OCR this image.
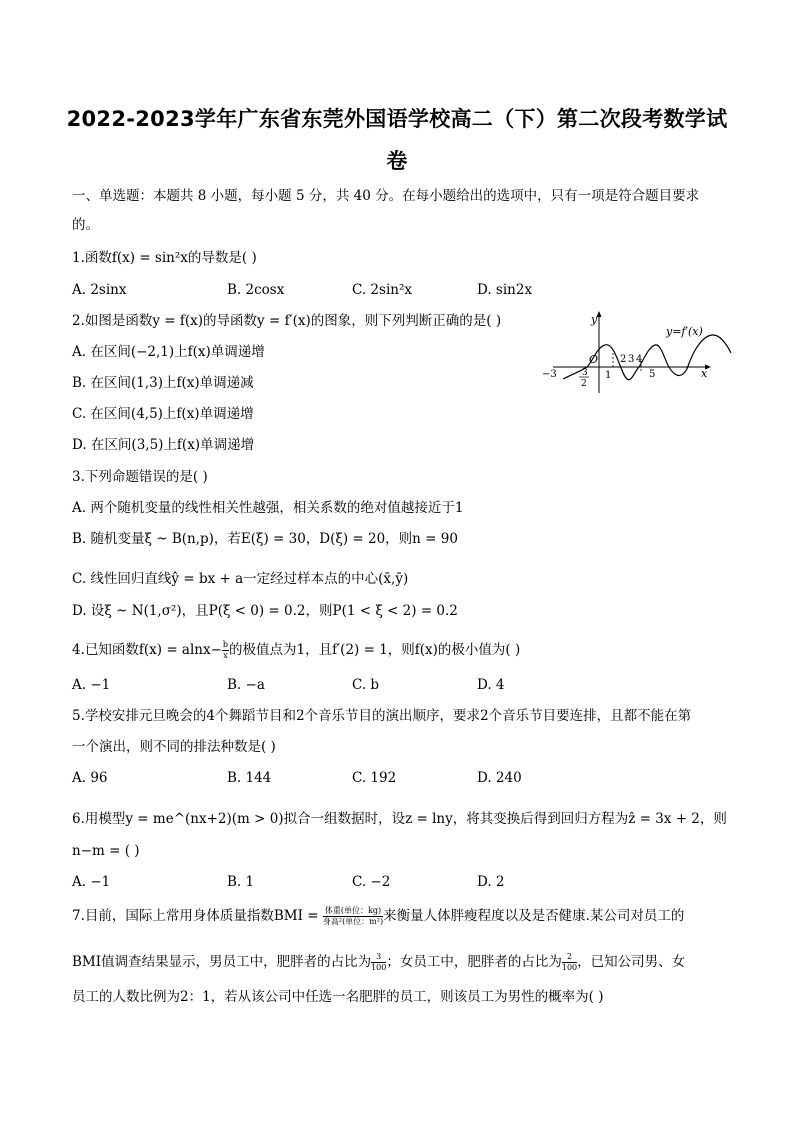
2022-2023学年广东省东莞外国语学校高二（下）第二次段考数学试
卷
一、单选题：本题共 8 小题，每小题 5 分，共 40 分。在每小题给出的选项中，只有一项是符合题目要求
的。
1.函数f(x) = sin²x的导数是( )
A. 2sinx	B. 2cosx	C. 2sin²x	D. sin2x
2.如图是函数y = f(x)的导函数y = f′(x)的图象，则下列判断正确的是( )
A. 在区间(−2,1)上f(x)单调递增
B. 在区间(1,3)上f(x)单调递减
C. 在区间(4,5)上f(x)单调递增
D. 在区间(3,5)上f(x)单调递增
y
x
O
y=f′(x)
−3	3
2
1
2 3 4
5
3.下列命题错误的是( )
A. 两个随机变量的线性相关性越强，相关系数的绝对值越接近于1
B. 随机变量ξ ~ B(n,p)，若E(ξ) = 30，D(ξ) = 20，则n = 90
C. 线性回归直线ŷ = bx + a一定经过样本点的中心(x̄,ȳ)
D. 设ξ ~ N(1,σ²)，且P(ξ < 0) = 0.2，则P(1 < ξ < 2) = 0.2
4.已知函数$f(x) = alnx- \frac{b}{x}$ 的极值点为1，且f′(2) = 1，则f(x)的极小值为( )
A. −1	B. −a	C. b	D. 4
5.学校安排元旦晚会的4个舞蹈节目和2个音乐节目的演出顺序，要求2个音乐节目要连排，且都不能在第
一个演出，则不同的排法种数是( )
A. 96	B. 144	C. 192	D. 240
6.用模型y = me^(nx+2)(m > 0)拟合一组数据时，设z = lny，将其变换后得到回归方程为ẑ = 3x + 2，则
n−m = ( )
A. −1	B. 1	C. −2	D. 2
7.目前，国际上常用身体质量指数BMI = $\frac{\text{体重(单位：kg)}}{\text{身高²(单位：m²)}}$ 来衡量人体胖瘦程度以及是否健康.某公司对员工的
BMI值调查结果显示，男员工中，肥胖者的占比为 $\frac{3}{100}$ ；女员工中，肥胖者的占比为 $\frac{2}{100}$ ，已知公司男、女
员工的人数比例为2：1，若从该公司中任选一名肥胖的员工，则该员工为男性的概率为( )
